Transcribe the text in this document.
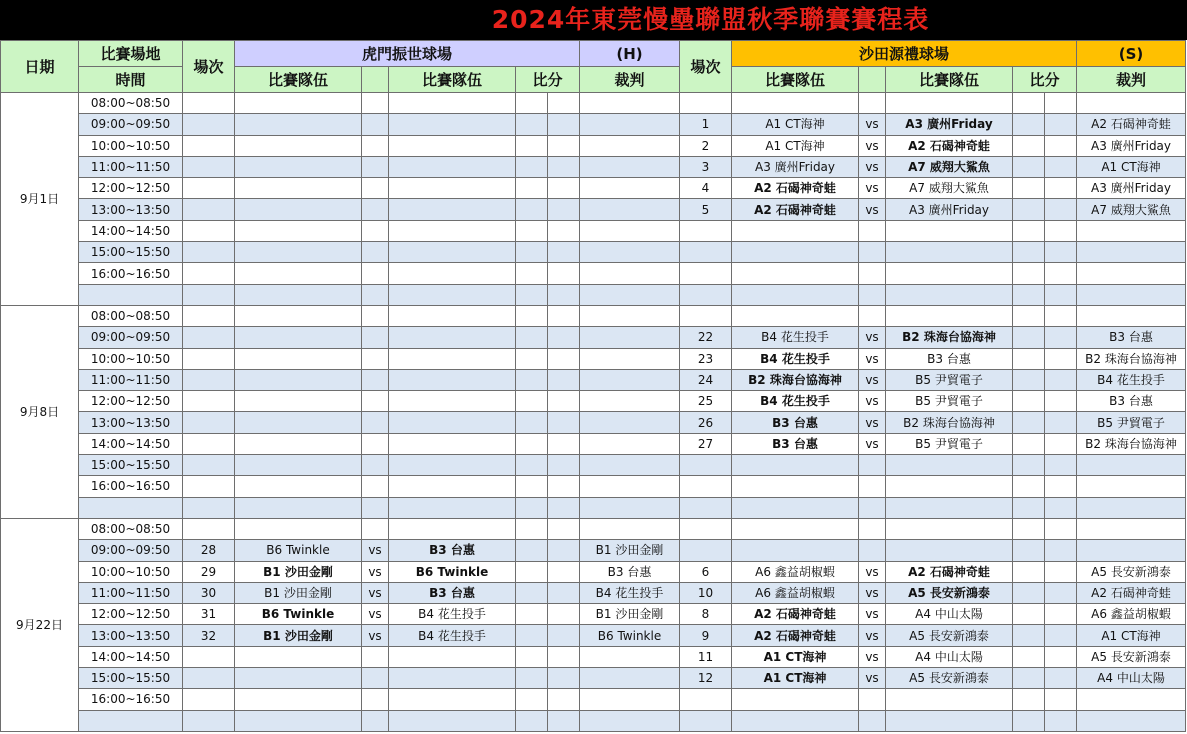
2024年東莞慢壘聯盟秋季聯賽賽程表
日期	比賽場地	場次	虎門振世球場					(H)	場次	沙田源禮球場					(S)
	時間		比賽隊伍		比賽隊伍	比分		裁判		比賽隊伍		比賽隊伍	比分		裁判
9月1日	08:00~08:50														
	09:00~09:50								1	A1 CT海神	vs	A3 廣州Friday			A2 石碣神奇蛙
	10:00~10:50								2	A1 CT海神	vs	A2 石碣神奇蛙			A3 廣州Friday
	11:00~11:50								3	A3 廣州Friday	vs	A7 威翔大鯊魚			A1 CT海神
	12:00~12:50								4	A2 石碣神奇蛙	vs	A7 威翔大鯊魚			A3 廣州Friday
	13:00~13:50								5	A2 石碣神奇蛙	vs	A3 廣州Friday			A7 威翔大鯊魚
	14:00~14:50														
	15:00~15:50														
	16:00~16:50														

9月8日	08:00~08:50														
	09:00~09:50								22	B4 花生投手	vs	B2 珠海台協海神			B3 台惠
	10:00~10:50								23	B4 花生投手	vs	B3 台惠			B2 珠海台協海神
	11:00~11:50								24	B2 珠海台協海神	vs	B5 尹貿電子			B4 花生投手
	12:00~12:50								25	B4 花生投手	vs	B5 尹貿電子			B3 台惠
	13:00~13:50								26	B3 台惠	vs	B2 珠海台協海神			B5 尹貿電子
	14:00~14:50								27	B3 台惠	vs	B5 尹貿電子			B2 珠海台協海神
	15:00~15:50														
	16:00~16:50														

9月22日	08:00~08:50														
	09:00~09:50	28	B6 Twinkle	vs	B3 台惠			B1 沙田金剛							
	10:00~10:50	29	B1 沙田金剛	vs	B6 Twinkle			B3 台惠	6	A6 鑫益胡椒蝦	vs	A2 石碣神奇蛙			A5 長安新鴻泰
	11:00~11:50	30	B1 沙田金剛	vs	B3 台惠			B4 花生投手	10	A6 鑫益胡椒蝦	vs	A5 長安新鴻泰			A2 石碣神奇蛙
	12:00~12:50	31	B6 Twinkle	vs	B4 花生投手			B1 沙田金剛	8	A2 石碣神奇蛙	vs	A4 中山太陽			A6 鑫益胡椒蝦
	13:00~13:50	32	B1 沙田金剛	vs	B4 花生投手			B6 Twinkle	9	A2 石碣神奇蛙	vs	A5 長安新鴻泰			A1 CT海神
	14:00~14:50								11	A1 CT海神	vs	A4 中山太陽			A5 長安新鴻泰
	15:00~15:50								12	A1 CT海神	vs	A5 長安新鴻泰			A4 中山太陽
	16:00~16:50														
